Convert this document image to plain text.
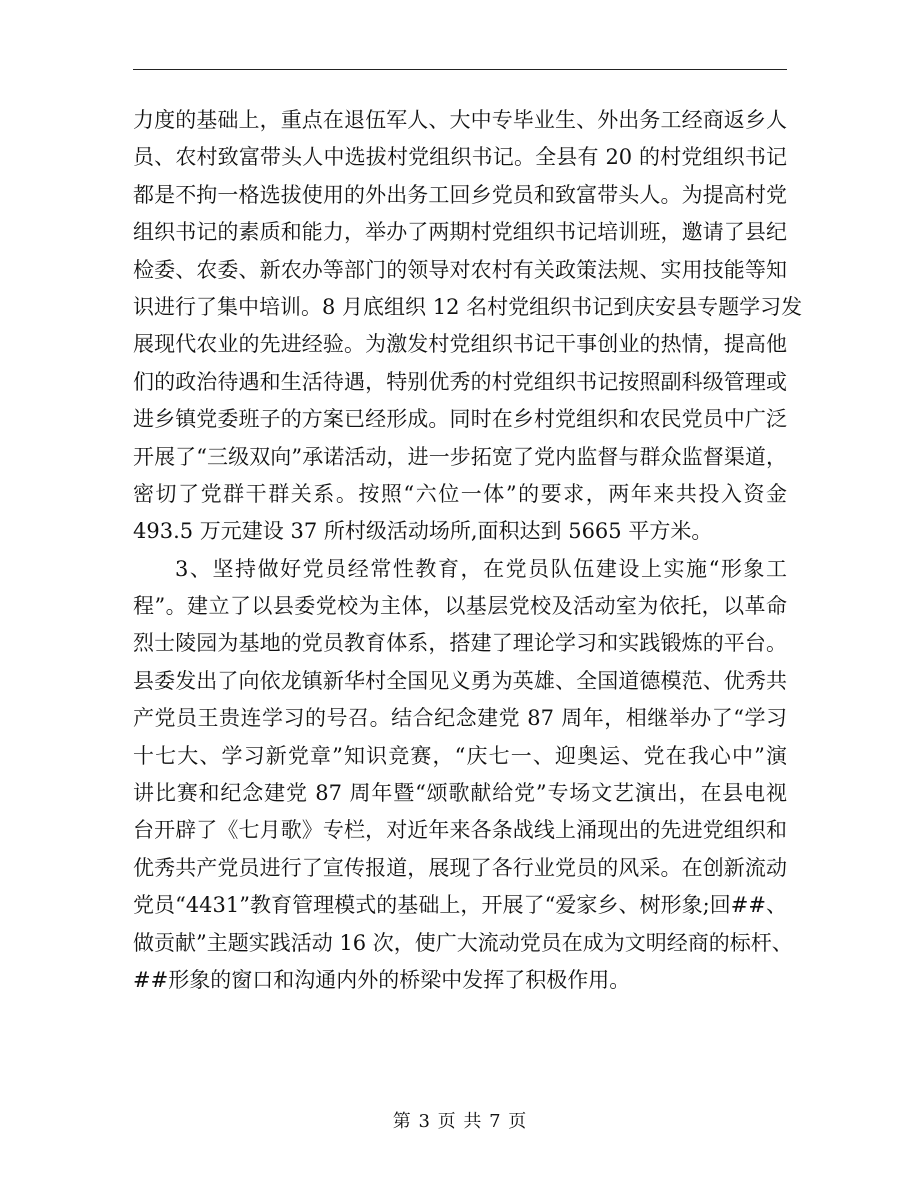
力度的基础上，重点在退伍军人、大中专毕业生、外出务工经商返乡人
员、农村致富带头人中选拔村党组织书记。全县有 20 的村党组织书记
都是不拘一格选拔使用的外出务工回乡党员和致富带头人。为提高村党
组织书记的素质和能力，举办了两期村党组织书记培训班，邀请了县纪
检委、农委、新农办等部门的领导对农村有关政策法规、实用技能等知
识进行了集中培训。8 月底组织 12 名村党组织书记到庆安县专题学习发
展现代农业的先进经验。为激发村党组织书记干事创业的热情，提高他
们的政治待遇和生活待遇，特别优秀的村党组织书记按照副科级管理或
进乡镇党委班子的方案已经形成。同时在乡村党组织和农民党员中广泛
开展了“三级双向”承诺活动，进一步拓宽了党内监督与群众监督渠道，
密切了党群干群关系。按照“六位一体”的要求，两年来共投入资金
493.5 万元建设 37 所村级活动场所,面积达到 5665 平方米。
3、坚持做好党员经常性教育，在党员队伍建设上实施“形象工
程”。建立了以县委党校为主体，以基层党校及活动室为依托，以革命
烈士陵园为基地的党员教育体系，搭建了理论学习和实践锻炼的平台。
县委发出了向依龙镇新华村全国见义勇为英雄、全国道德模范、优秀共
产党员王贵连学习的号召。结合纪念建党 87 周年，相继举办了“学习
十七大、学习新党章”知识竞赛，“庆七一、迎奥运、党在我心中”演
讲比赛和纪念建党 87 周年暨“颂歌献给党”专场文艺演出，在县电视
台开辟了《七月歌》专栏，对近年来各条战线上涌现出的先进党组织和
优秀共产党员进行了宣传报道，展现了各行业党员的风采。在创新流动
党员“4431”教育管理模式的基础上，开展了“爱家乡、树形象;回##、
做贡献”主题实践活动 16 次，使广大流动党员在成为文明经商的标杆、
##形象的窗口和沟通内外的桥梁中发挥了积极作用。
第 3 页 共 7 页
